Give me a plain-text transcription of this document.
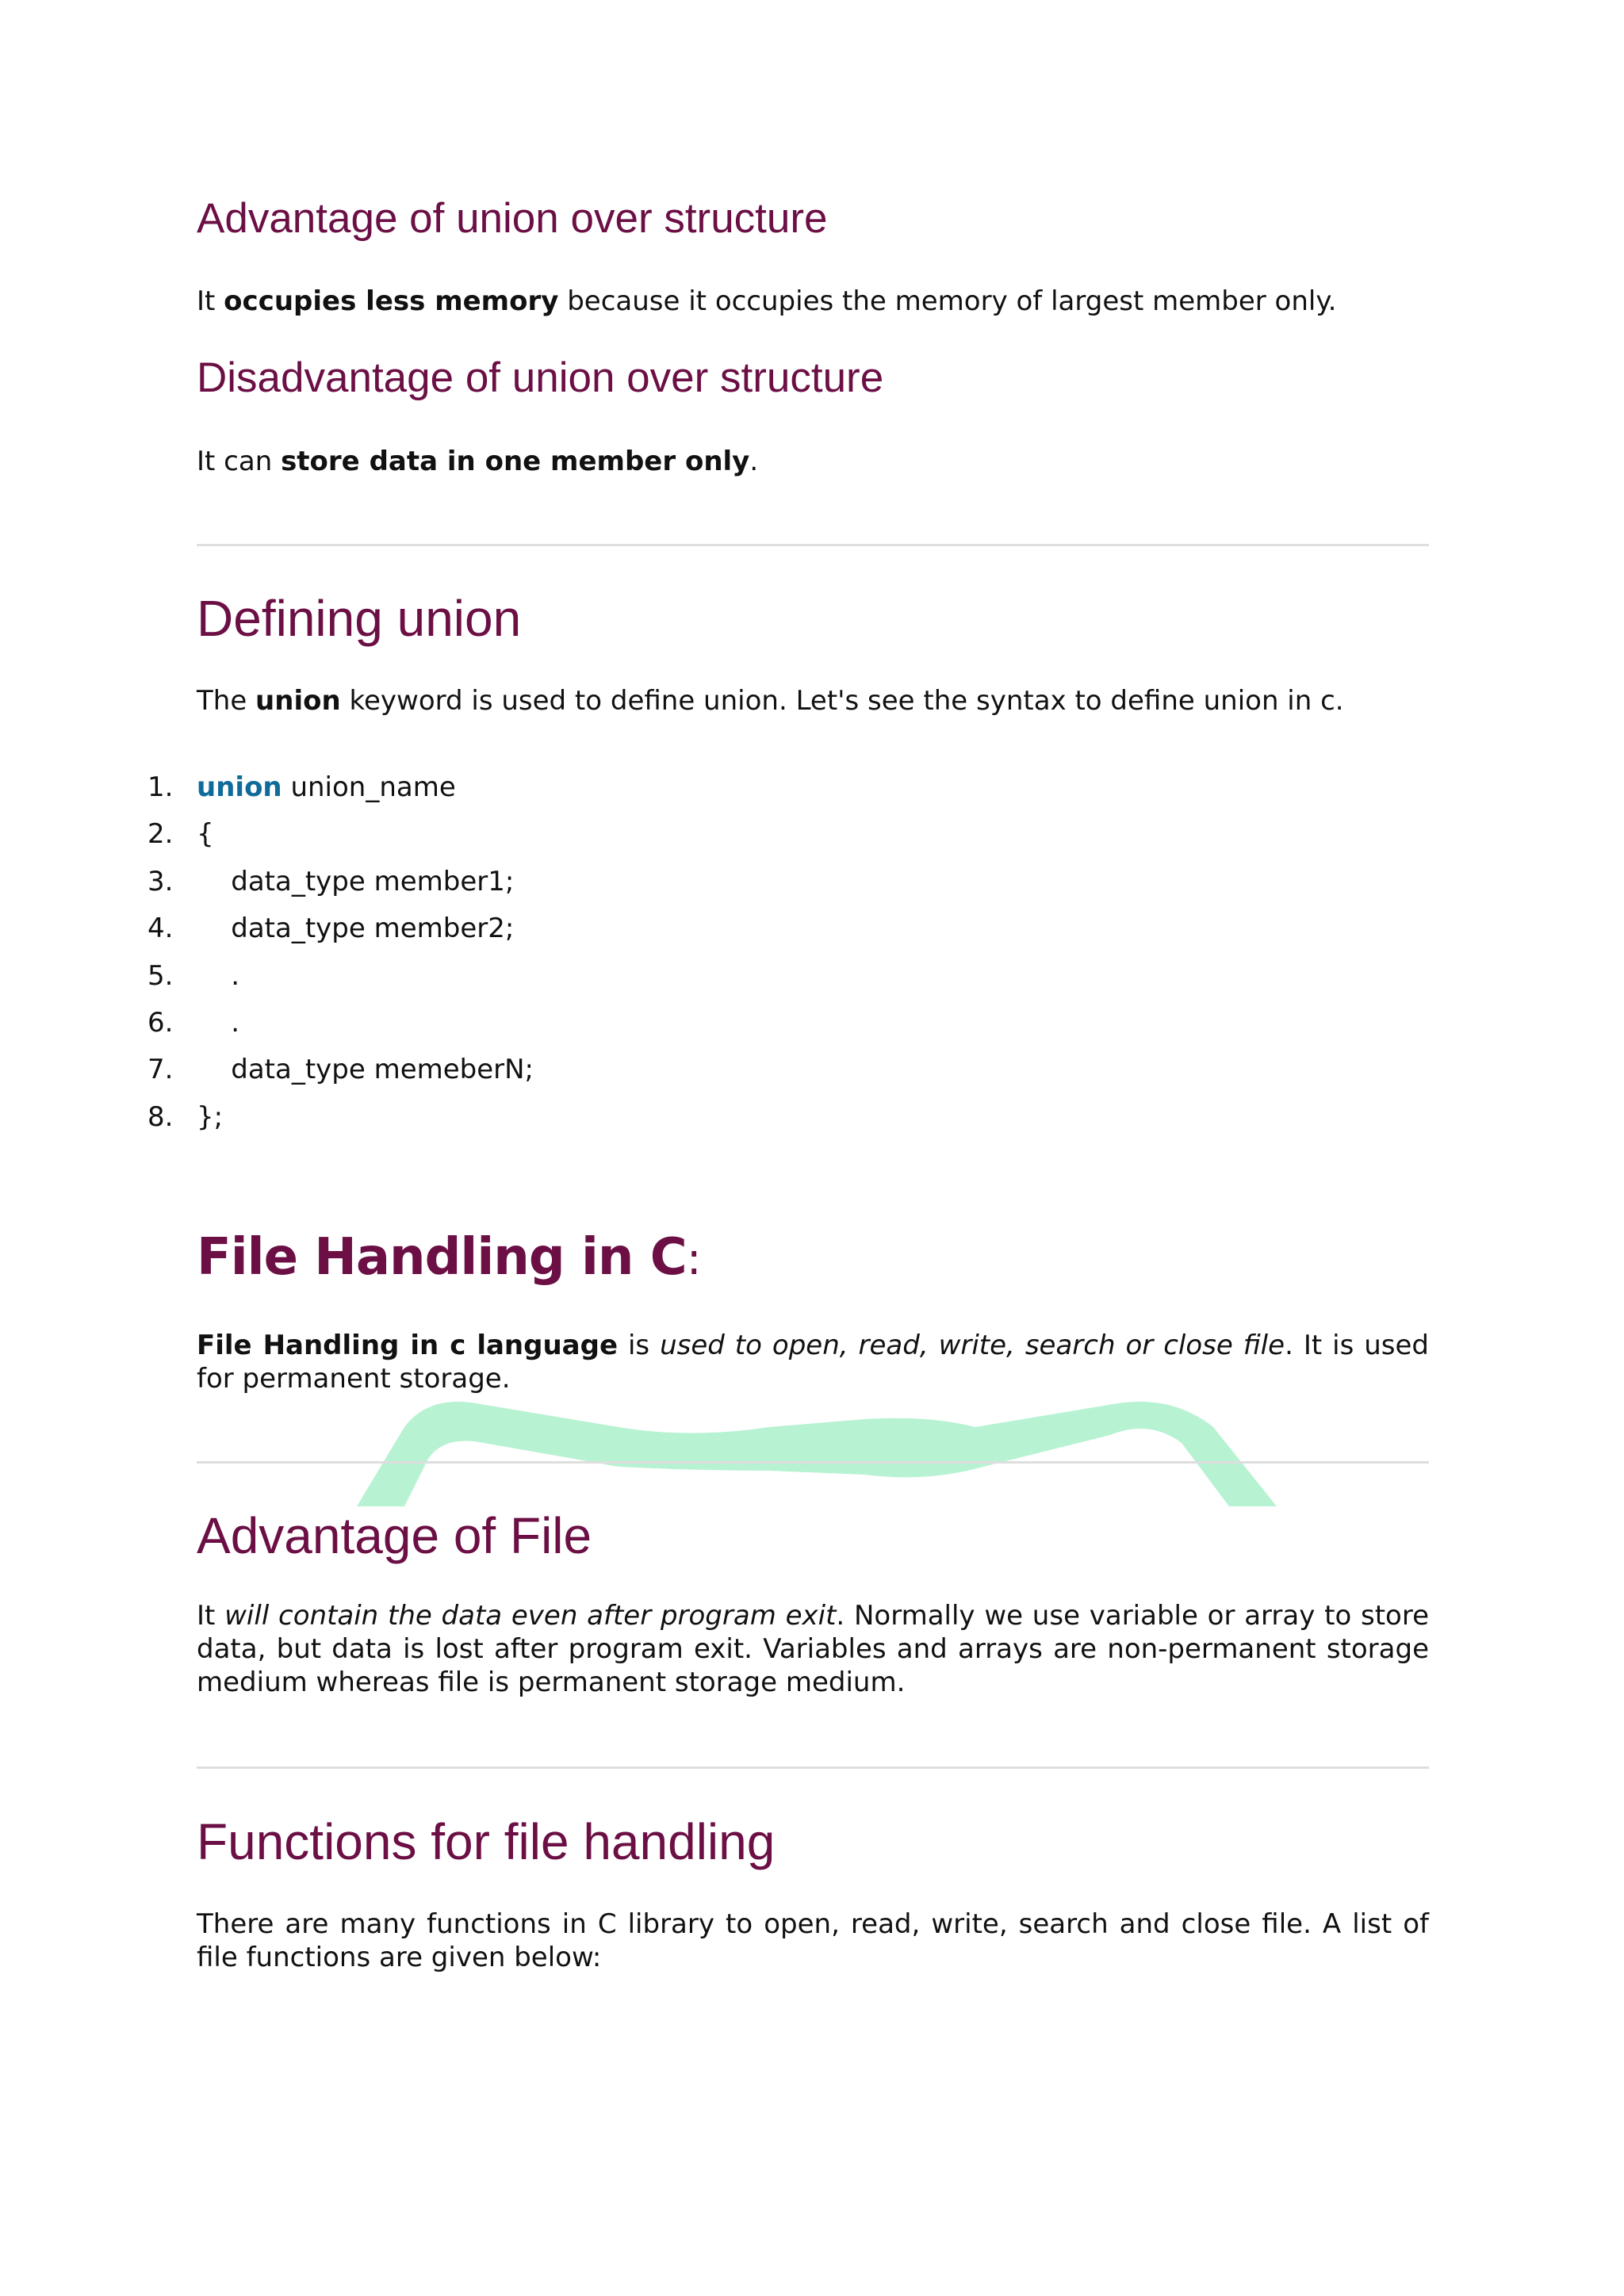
Advantage of union over structure

It occupies less memory because it occupies the memory of largest member only.

Disadvantage of union over structure

It can store data in one member only.

Defining union

The union keyword is used to define union. Let's see the syntax to define union in c.

1. union union_name
2. {
3. data_type member1;
4. data_type member2;
5. .
6. .
7. data_type memeberN;
8. };
File Handling in C:

File Handling in c language is used to open, read, write, search or close file. It is used for permanent storage.

Advantage of File

It will contain the data even after program exit. Normally we use variable or array to store data, but data is lost after program exit. Variables and arrays are non-permanent storage medium whereas file is permanent storage medium.

Functions for file handling

There are many functions in C library to open, read, write, search and close file. A list of file functions are given below:
